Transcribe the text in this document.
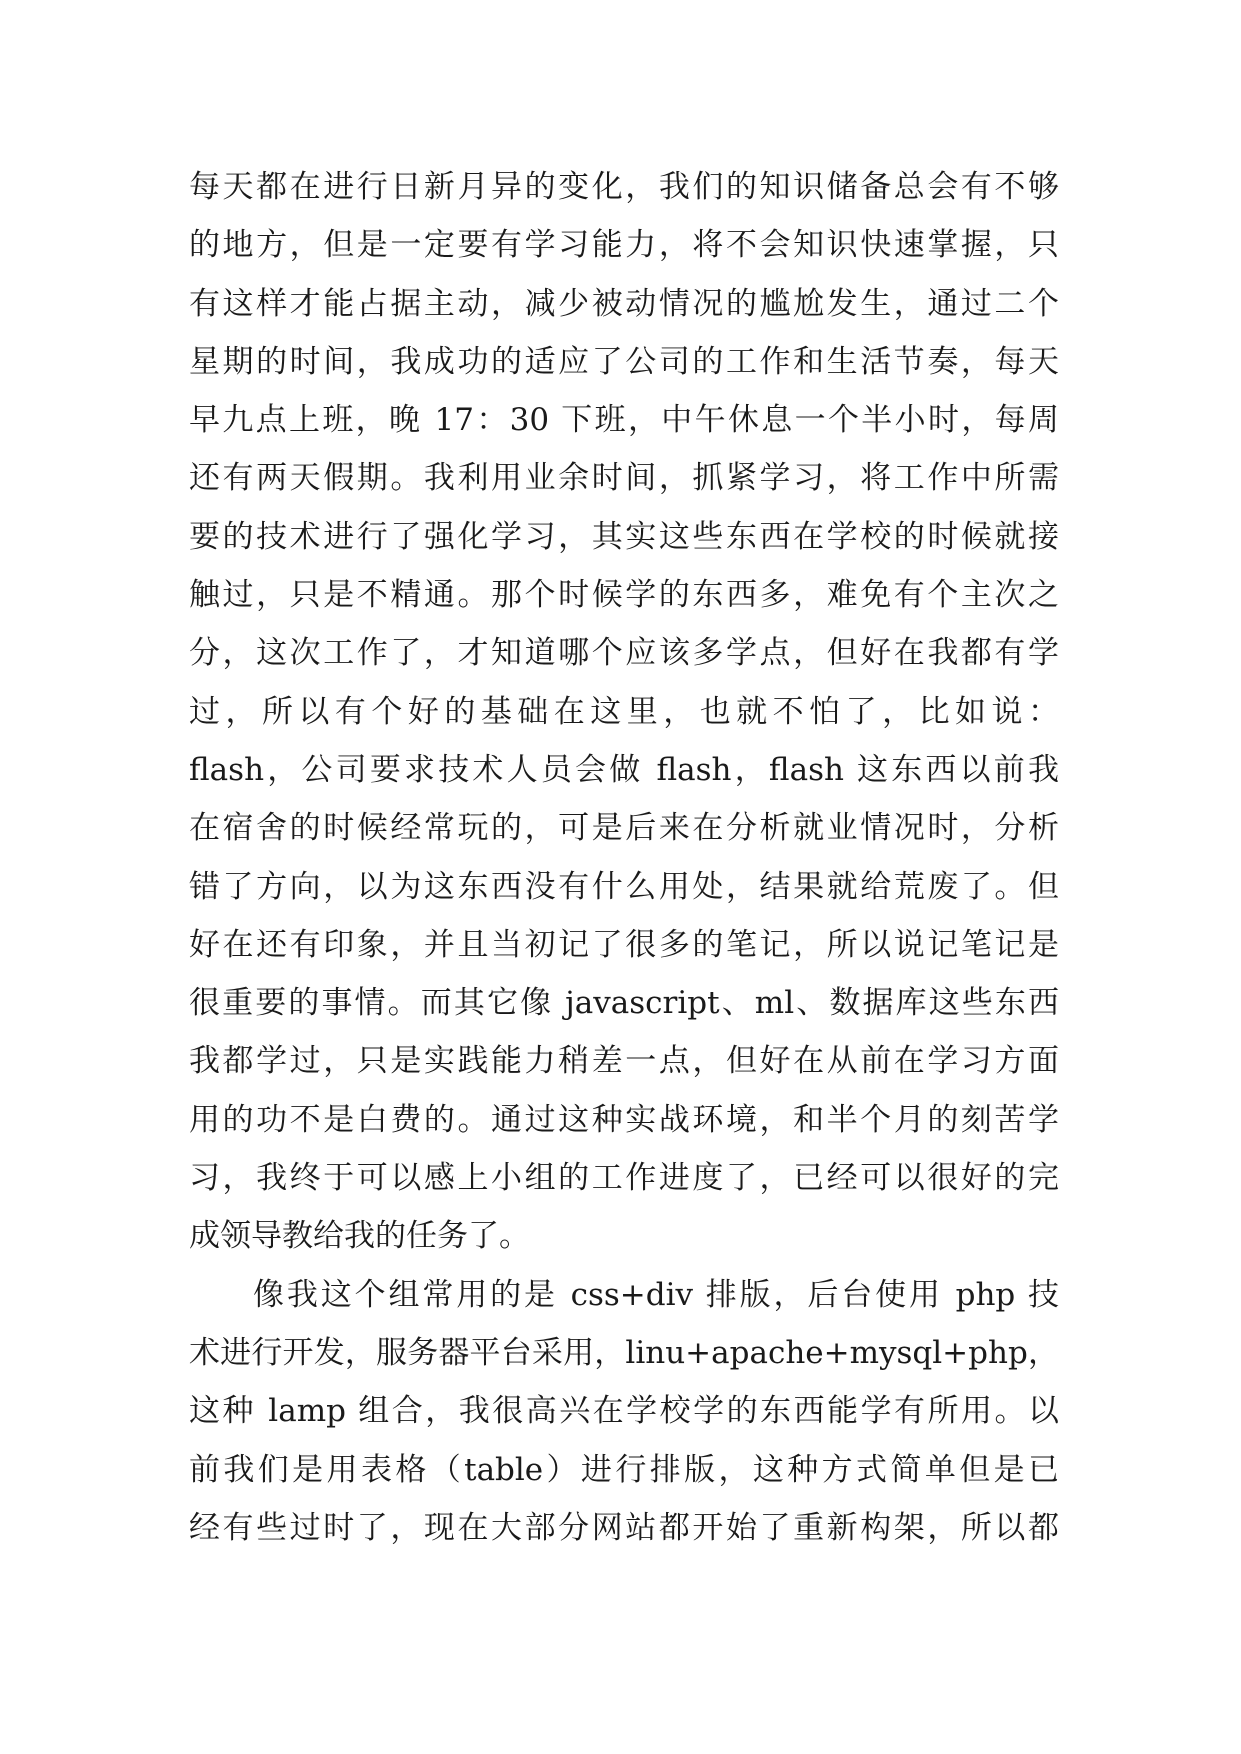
每天都在进行日新月异的变化，我们的知识储备总会有不够
的地方，但是一定要有学习能力，将不会知识快速掌握，只
有这样才能占据主动，减少被动情况的尴尬发生，通过二个
星期的时间，我成功的适应了公司的工作和生活节奏，每天
早九点上班，晚 17：30 下班，中午休息一个半小时，每周
还有两天假期。我利用业余时间，抓紧学习，将工作中所需
要的技术进行了强化学习，其实这些东西在学校的时候就接
触过，只是不精通。那个时候学的东西多，难免有个主次之
分，这次工作了，才知道哪个应该多学点，但好在我都有学
过，所以有个好的基础在这里，也就不怕了，比如说：
flash，公司要求技术人员会做 flash，flash 这东西以前我
在宿舍的时候经常玩的，可是后来在分析就业情况时，分析
错了方向，以为这东西没有什么用处，结果就给荒废了。但
好在还有印象，并且当初记了很多的笔记，所以说记笔记是
很重要的事情。而其它像 javascript、ml、数据库这些东西
我都学过，只是实践能力稍差一点，但好在从前在学习方面
用的功不是白费的。通过这种实战环境，和半个月的刻苦学
习，我终于可以感上小组的工作进度了，已经可以很好的完
成领导教给我的任务了。
像我这个组常用的是 css+div 排版，后台使用 php 技
术进行开发，服务器平台采用，linu+apache+mysql+php，
这种 lamp 组合，我很高兴在学校学的东西能学有所用。以
前我们是用表格（table）进行排版，这种方式简单但是已
经有些过时了，现在大部分网站都开始了重新构架，所以都
